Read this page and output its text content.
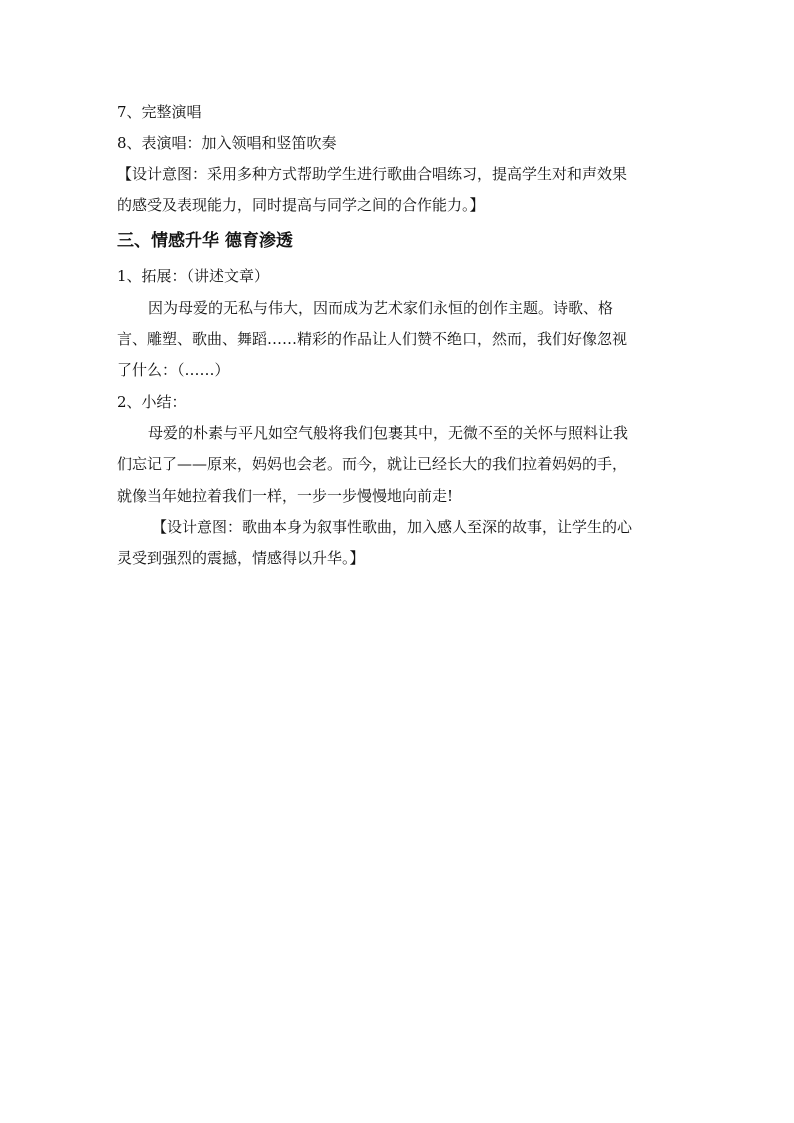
7、完整演唱
8、表演唱：加入领唱和竖笛吹奏
【设计意图：采用多种方式帮助学生进行歌曲合唱练习，提高学生对和声效果
的感受及表现能力，同时提高与同学之间的合作能力。】
三、情感升华 德育渗透
1、拓展：（讲述文章）
因为母爱的无私与伟大，因而成为艺术家们永恒的创作主题。诗歌、格
言、雕塑、歌曲、舞蹈……精彩的作品让人们赞不绝口，然而，我们好像忽视
了什么：（……）
2、小结：
母爱的朴素与平凡如空气般将我们包裹其中，无微不至的关怀与照料让我
们忘记了——原来，妈妈也会老。而今，就让已经长大的我们拉着妈妈的手，
就像当年她拉着我们一样，一步一步慢慢地向前走!
【设计意图：歌曲本身为叙事性歌曲，加入感人至深的故事，让学生的心
灵受到强烈的震撼，情感得以升华。】
